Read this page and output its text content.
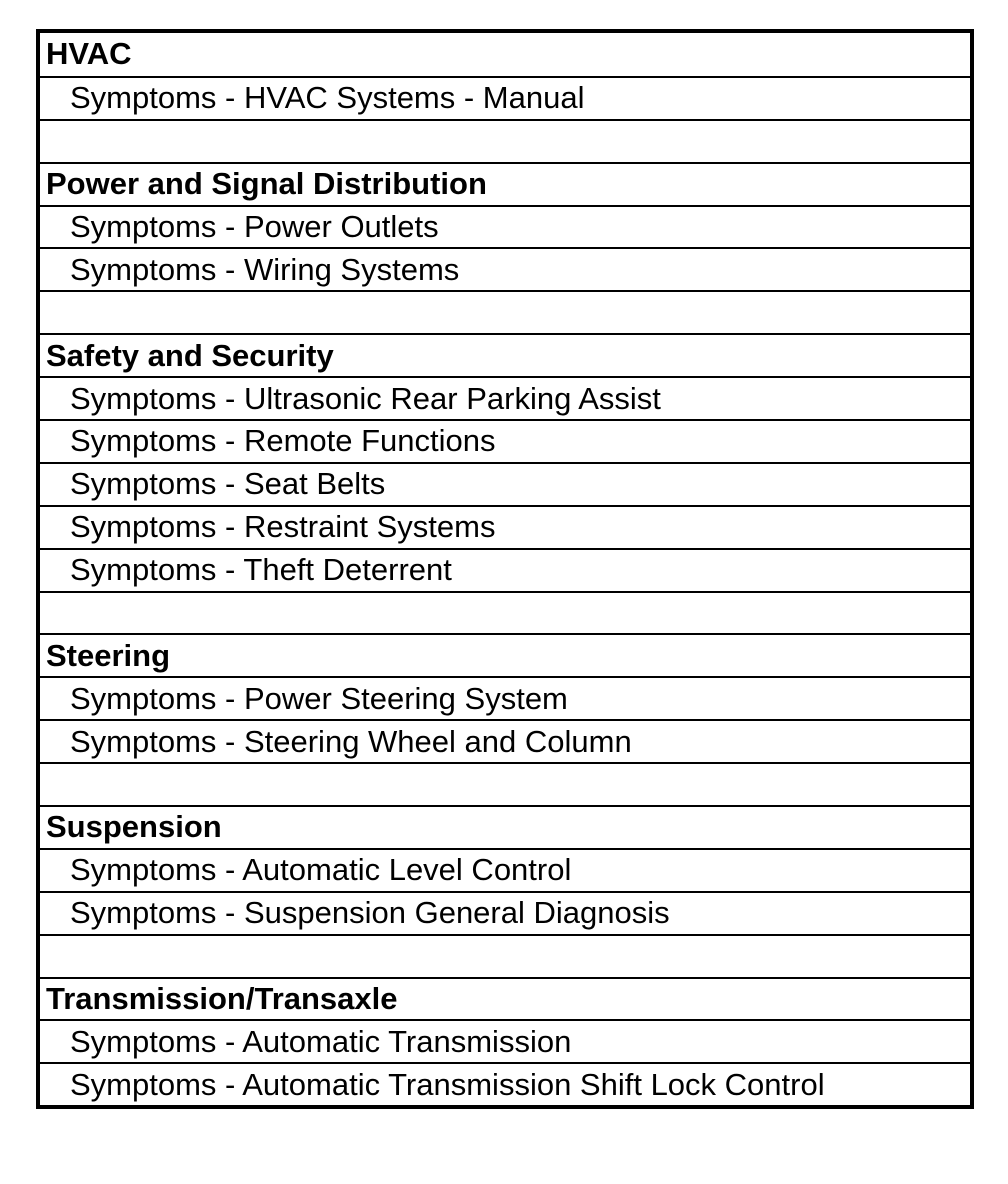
HVAC
Symptoms - HVAC Systems - Manual
Power and Signal Distribution
Symptoms - Power Outlets
Symptoms - Wiring Systems
Safety and Security
Symptoms - Ultrasonic Rear Parking Assist
Symptoms - Remote Functions
Symptoms - Seat Belts
Symptoms - Restraint Systems
Symptoms - Theft Deterrent
Steering
Symptoms - Power Steering System
Symptoms - Steering Wheel and Column
Suspension
Symptoms - Automatic Level Control
Symptoms - Suspension General Diagnosis
Transmission/Transaxle
Symptoms - Automatic Transmission
Symptoms - Automatic Transmission Shift Lock Control
